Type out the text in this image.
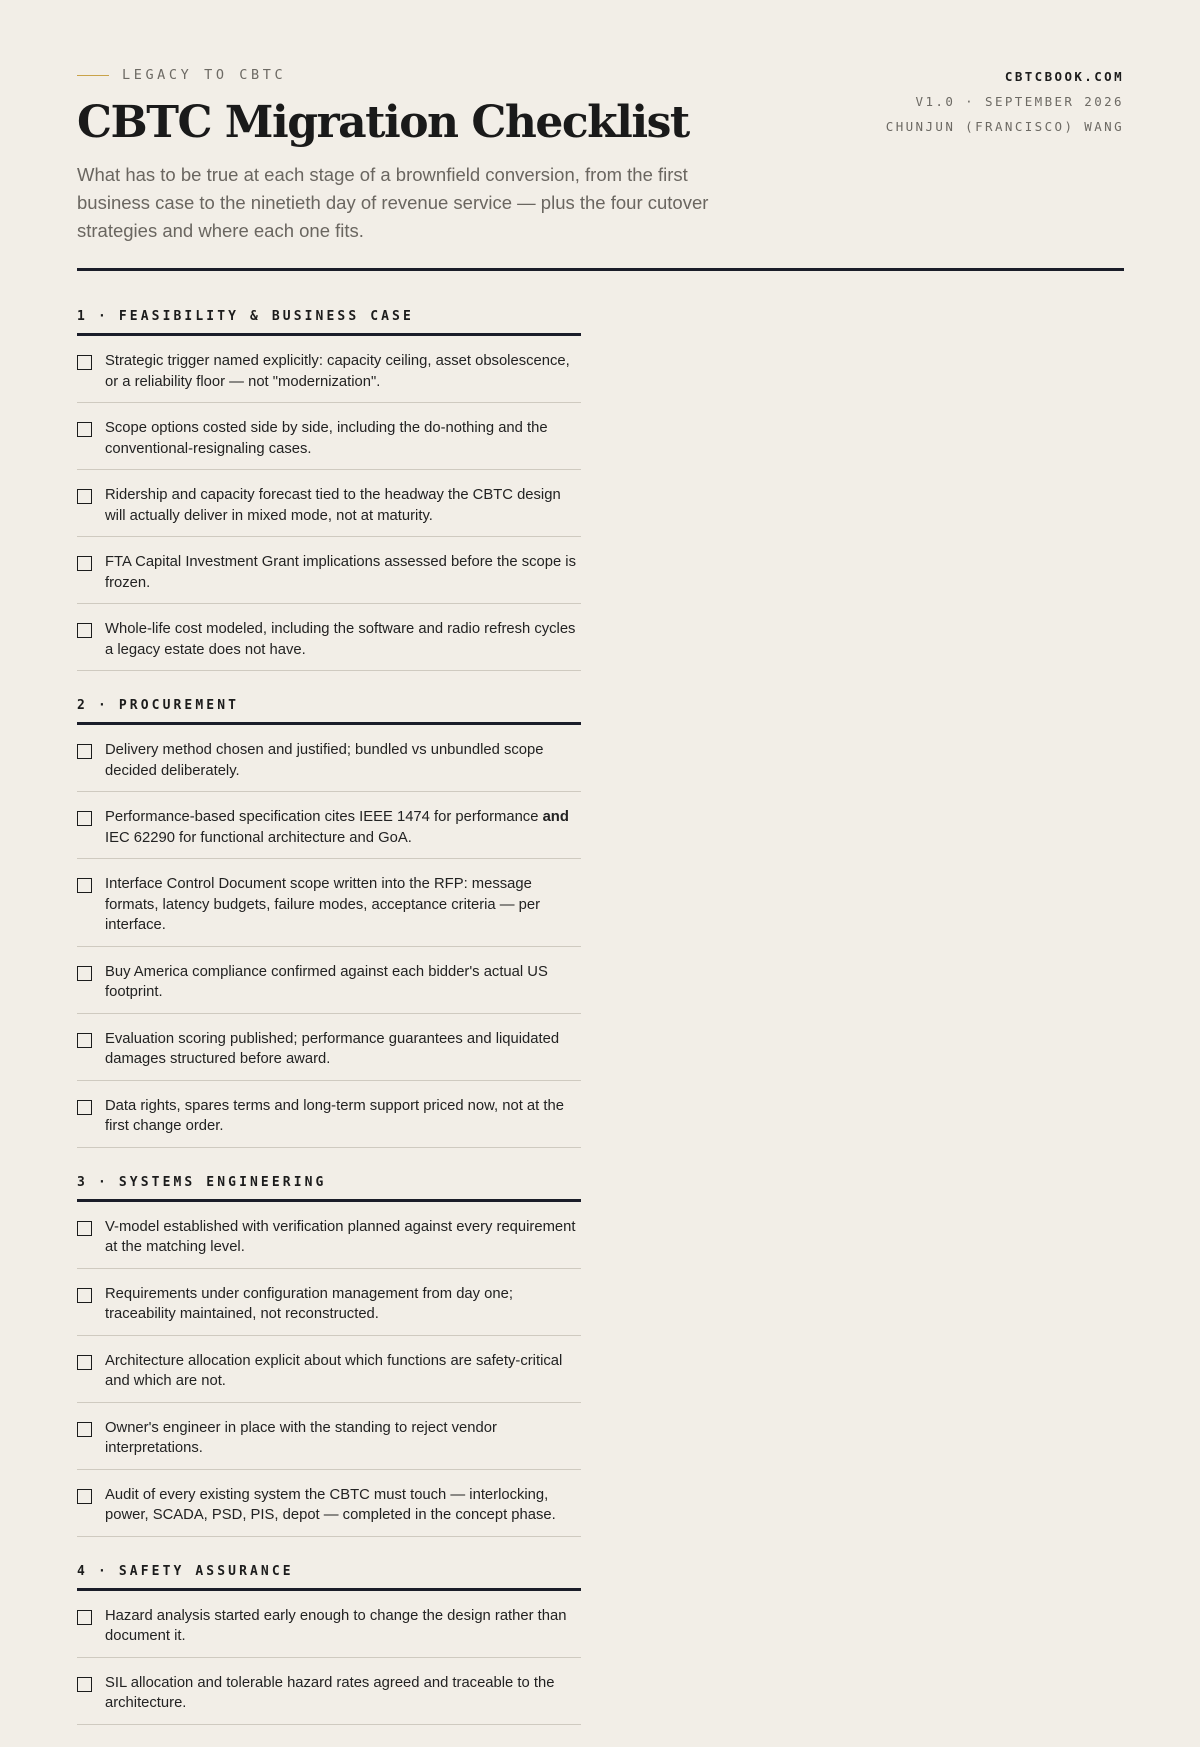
LEGACY TO CBTC
CBTC Migration Checklist

What has to be true at each stage of a brownfield conversion, from the first business case to the ninetieth day of revenue service — plus the four cutover strategies and where each one fits.

CBTCBOOK.COM
V1.0 · SEPTEMBER 2026
CHUNJUN (FRANCISCO) WANG
1 · FEASIBILITY & BUSINESS CASE
Strategic trigger named explicitly: capacity ceiling, asset obsolescence, or a reliability floor — not "modernization".
Scope options costed side by side, including the do-nothing and the conventional-resignaling cases.
Ridership and capacity forecast tied to the headway the CBTC design will actually deliver in mixed mode, not at maturity.
FTA Capital Investment Grant implications assessed before the scope is frozen.
Whole-life cost modeled, including the software and radio refresh cycles a legacy estate does not have.
2 · PROCUREMENT
Delivery method chosen and justified; bundled vs unbundled scope decided deliberately.
Performance-based specification cites IEEE 1474 for performance and IEC 62290 for functional architecture and GoA.
Interface Control Document scope written into the RFP: message formats, latency budgets, failure modes, acceptance criteria — per interface.
Buy America compliance confirmed against each bidder's actual US footprint.
Evaluation scoring published; performance guarantees and liquidated damages structured before award.
Data rights, spares terms and long-term support priced now, not at the first change order.
3 · SYSTEMS ENGINEERING
V-model established with verification planned against every requirement at the matching level.
Requirements under configuration management from day one; traceability maintained, not reconstructed.
Architecture allocation explicit about which functions are safety-critical and which are not.
Owner's engineer in place with the standing to reject vendor interpretations.
Audit of every existing system the CBTC must touch — interlocking, power, SCADA, PSD, PIS, depot — completed in the concept phase.
4 · SAFETY ASSURANCE
Hazard analysis started early enough to change the design rather than document it.
SIL allocation and tolerable hazard rates agreed and traceable to the architecture.
